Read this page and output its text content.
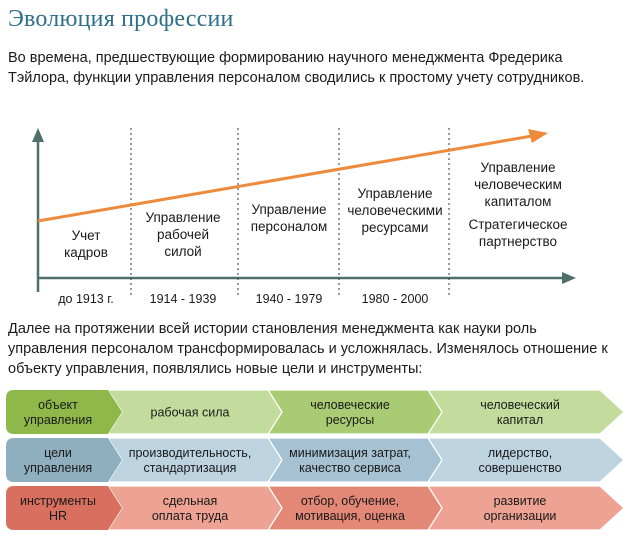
Эволюция профессии

Во времена, предшествующие формированию научного менеджмента Фредерика Тэйлора, функции управления персоналом сводились к простому учету сотрудников.

Учет
кадров
до 1913 г.
Управление
рабочей
силой
1914 - 1939
Управление
персоналом
1940 - 1979
Управление
человеческими
ресурсами
1980 - 2000
Управление
человеческим
капиталом
Стратегическое
партнерство

Далее на протяжении всей истории становления менеджмента как науки роль управления персоналом трансформировалась и усложнялась. Изменялось отношение к объекту управления, появлялись новые цели и инструменты:

объект
управления
рабочая сила
человеческие
ресурсы
человеческий
капитал
цели
управления
производительность,
стандартизация
минимизация затрат,
качество сервиса
лидерство,
совершенство
инструменты
HR
сдельная
оплата труда
отбор, обучение,
мотивация, оценка
развитие
организации
